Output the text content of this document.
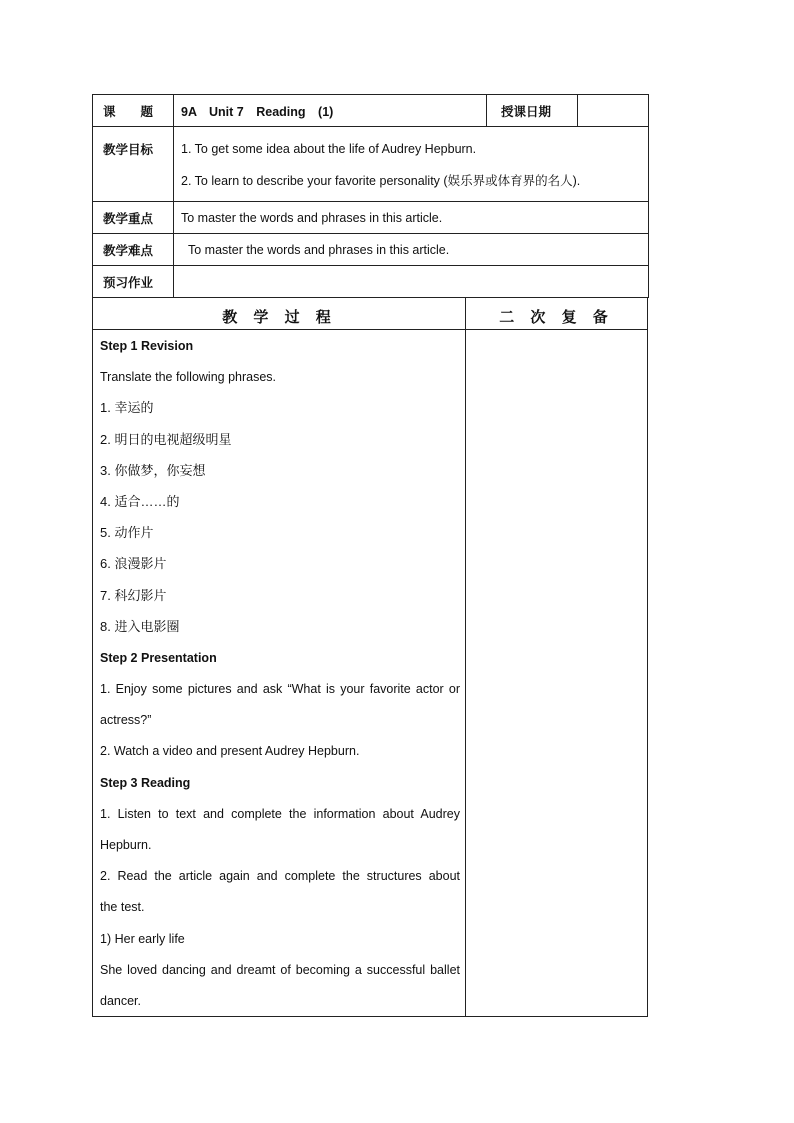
课　　题	9A　Unit 7　Reading　(1)	授课日期	
教学目标	1. To get some idea about the life of Audrey Hepburn.
2. To learn to describe your favorite personality (娱乐界或体育界的名人).		

教学重点	To master the words and phrases in this article.		
教学难点	To master the words and phrases in this article.		
预习作业			
教 学 过 程	二 次 复 备
Step 1 Revision
Translate the following phrases.
1. 幸运的
2. 明日的电视超级明星
3. 你做梦，你妄想
4. 适合……的
5. 动作片
6. 浪漫影片
7. 科幻影片
8. 进入电影圈
Step 2 Presentation
1. Enjoy some pictures and ask “What is your favorite actor or
actress?”
2. Watch a video and present Audrey Hepburn.
Step 3 Reading
1. Listen to text and complete the information about Audrey
Hepburn.
2. Read the article again and complete the structures about
the test.
1) Her early life
She loved dancing and dreamt of becoming a successful ballet
dancer.
